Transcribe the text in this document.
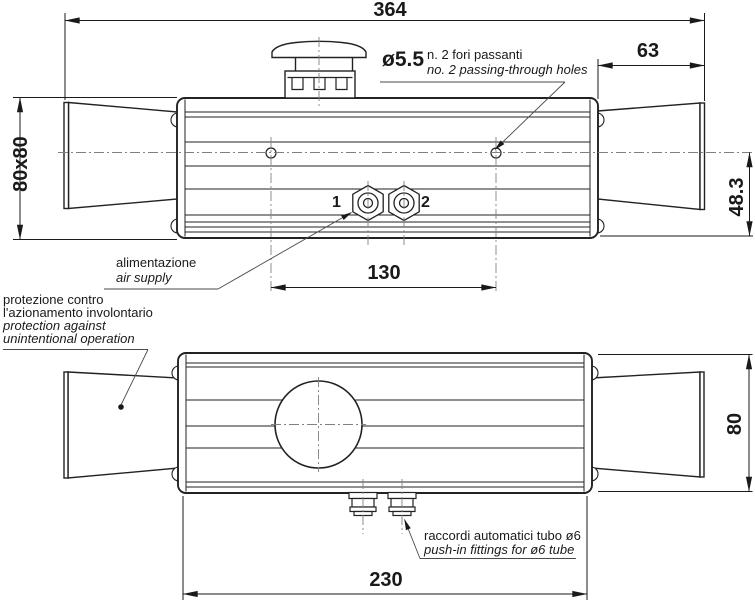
364
63
80x80
48.3
130
230
80
ø5.5 n. 2 fori passanti
no. 2 passing-through holes
alimentazione
air supply
1	2
protezione contro
l'azionamento involontario
protection against
unintentional operation
raccordi automatici tubo ø6
push-in fittings for ø6 tube
